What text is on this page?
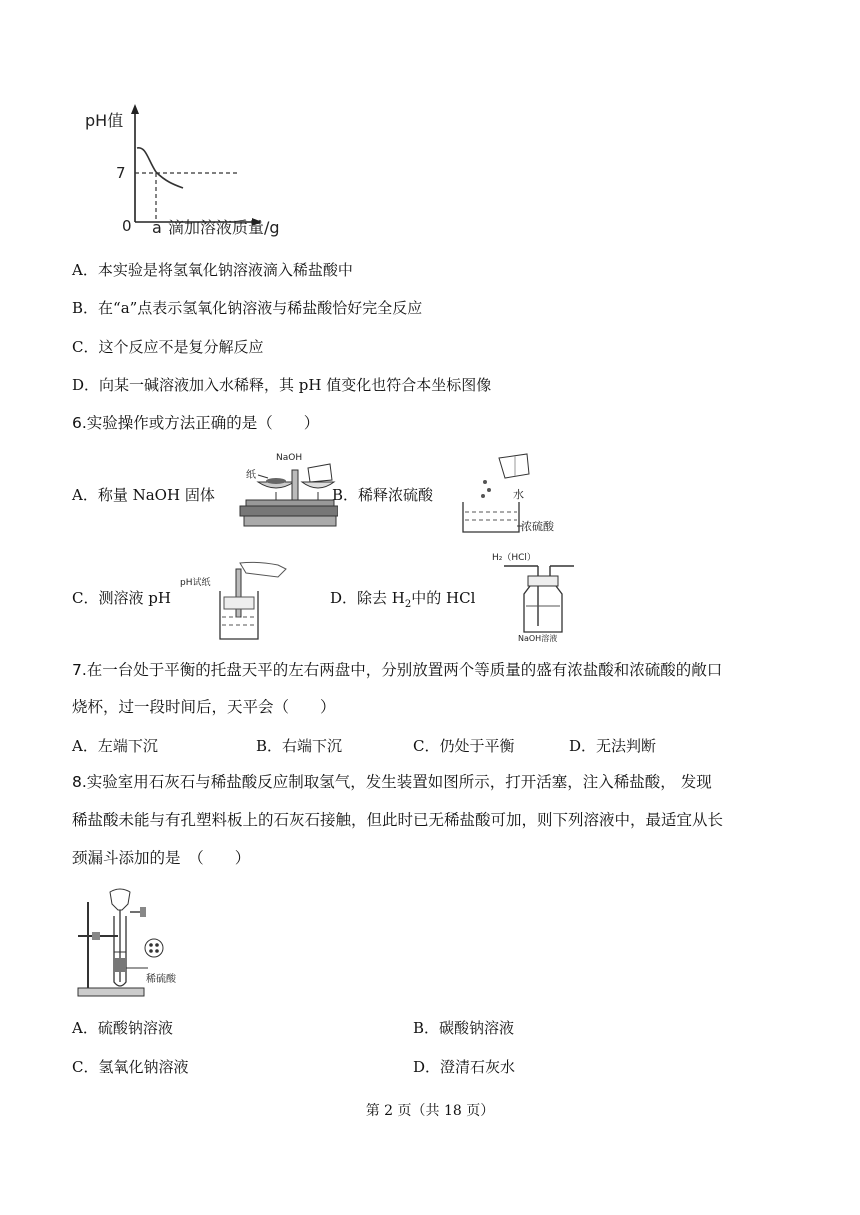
pH值
7
0 a 滴加溶液质量/g
A．本实验是将氢氧化钠溶液滴入稀盐酸中
B．在“a”点表示氢氧化钠溶液与稀盐酸恰好完全反应
C．这个反应不是复分解反应
D．向某一碱溶液加入水稀释，其 pH 值变化也符合本坐标图像
6.实验操作或方法正确的是（　　）
A．称量 NaOH 固体
NaOH
纸
B．稀释浓硫酸	水
浓硫酸
C．测溶液 pH
pH试纸
D．除去 $H_2$中的 HCl
H₂（HCl）
NaOH溶液
7.在一台处于平衡的托盘天平的左右两盘中，分别放置两个等质量的盛有浓盐酸和浓硫酸的敞口
烧杯，过一段时间后，天平会（　　）
A．左端下沉	B．右端下沉	C．仍处于平衡	D．无法判断
8.实验室用石灰石与稀盐酸反应制取氢气，发生装置如图所示，打开活塞，注入稀盐酸， 发现
稀盐酸未能与有孔塑料板上的石灰石接触，但此时已无稀盐酸可加，则下列溶液中，最适宜从长
颈漏斗添加的是　（　　）
稀硫酸
A．硫酸钠溶液	B．碳酸钠溶液
C．氢氧化钠溶液	D．澄清石灰水
第 2 页（共 18 页）
